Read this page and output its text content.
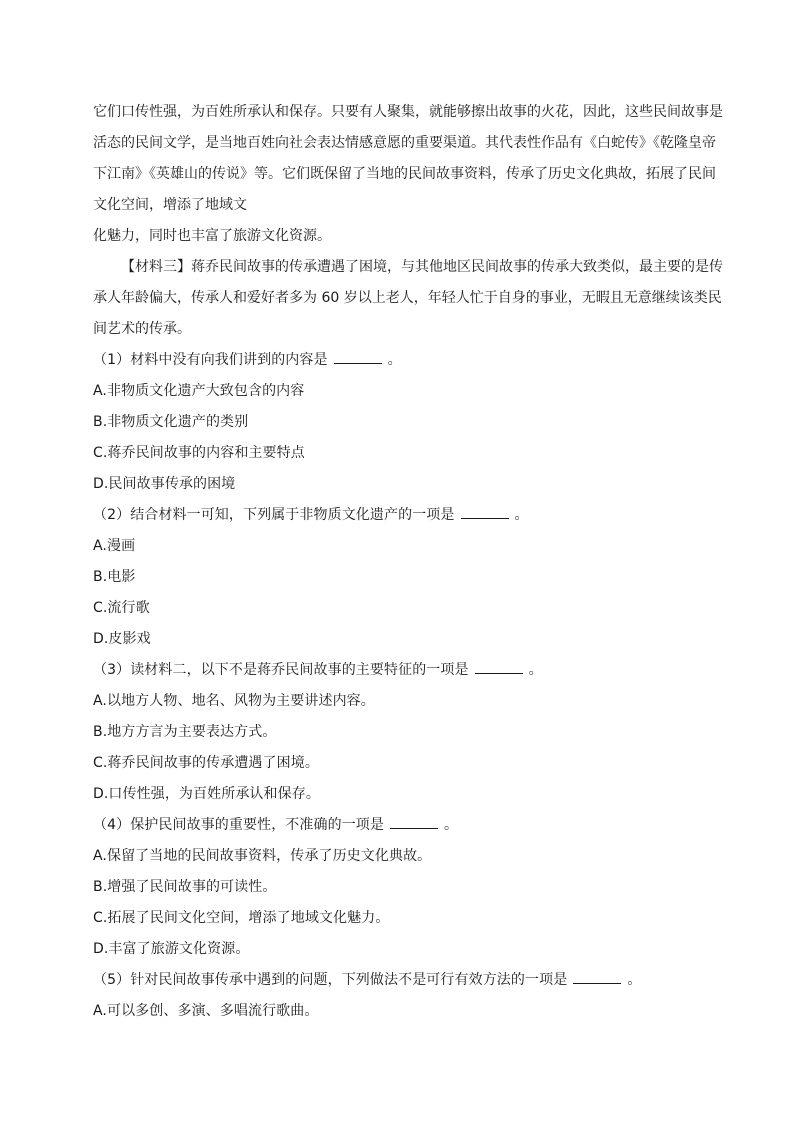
它们口传性强，为百姓所承认和保存。只要有人聚集，就能够擦出故事的火花，因此，这些民间故事是
活态的民间文学，是当地百姓向社会表达情感意愿的重要渠道。其代表性作品有《白蛇传》《乾隆皇帝
下江南》《英雄山的传说》等。它们既保留了当地的民间故事资料，传承了历史文化典故，拓展了民间
文化空间，增添了地域文
化魅力，同时也丰富了旅游文化资源。
【材料三】蒋乔民间故事的传承遭遇了困境，与其他地区民间故事的传承大致类似，最主要的是传
承人年龄偏大，传承人和爱好者多为 60 岁以上老人，年轻人忙于自身的事业，无暇且无意继续该类民
间艺术的传承。
（1）材料中没有向我们讲到的内容是	。
A.非物质文化遗产大致包含的内容
B.非物质文化遗产的类别
C.蒋乔民间故事的内容和主要特点
D.民间故事传承的困境
（2）结合材料一可知，下列属于非物质文化遗产的一项是	。
A.漫画
B.电影
C.流行歌
D.皮影戏
（3）读材料二，以下不是蒋乔民间故事的主要特征的一项是	。
A.以地方人物、地名、风物为主要讲述内容。
B.地方方言为主要表达方式。
C.蒋乔民间故事的传承遭遇了困境。
D.口传性强，为百姓所承认和保存。
（4）保护民间故事的重要性，不准确的一项是	。
A.保留了当地的民间故事资料，传承了历史文化典故。
B.增强了民间故事的可读性。
C.拓展了民间文化空间，增添了地域文化魅力。
D.丰富了旅游文化资源。
（5）针对民间故事传承中遇到的问题，下列做法不是可行有效方法的一项是	。
A.可以多创、多演、多唱流行歌曲。
